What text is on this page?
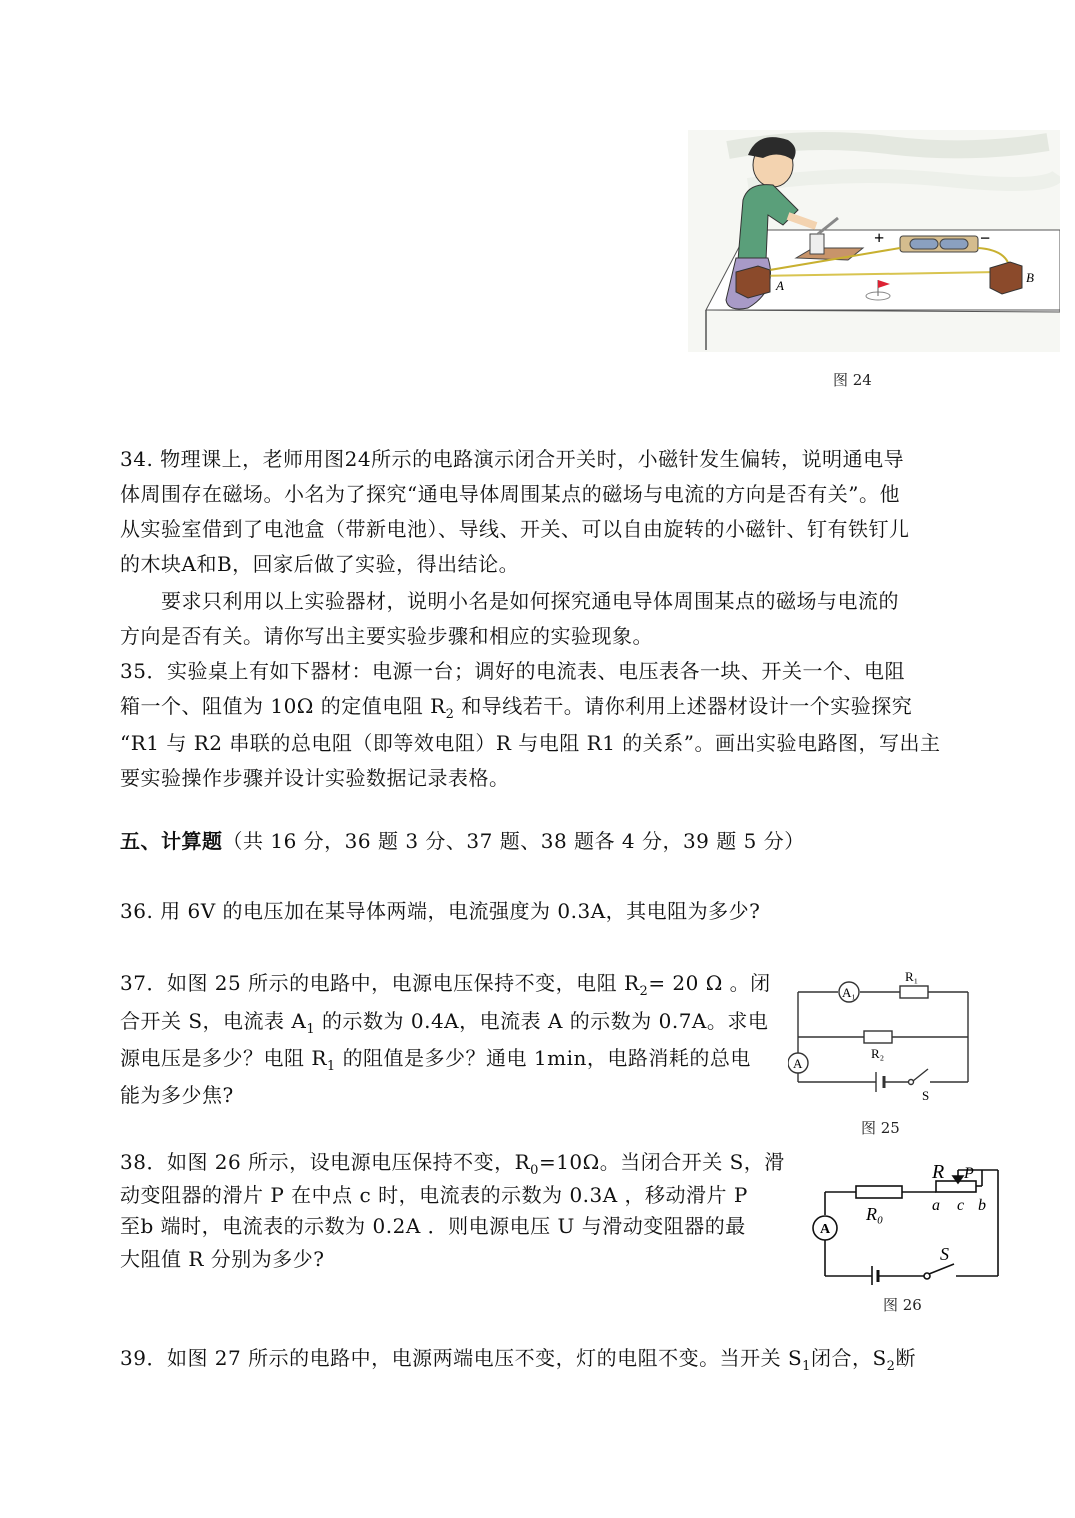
+	−
A
B
图 24
34. 物理课上，老师用图24所示的电路演示闭合开关时，小磁针发生偏转，说明通电导
体周围存在磁场。小名为了探究“通电导体周围某点的磁场与电流的方向是否有关”。他
从实验室借到了电池盒（带新电池）、导线、开关、可以自由旋转的小磁针、钉有铁钉儿
的木块A和B，回家后做了实验，得出结论。
要求只利用以上实验器材，说明小名是如何探究通电导体周围某点的磁场与电流的
方向是否有关。请你写出主要实验步骤和相应的实验现象。
35．实验桌上有如下器材：电源一台；调好的电流表、电压表各一块、开关一个、电阻
箱一个、阻值为 10Ω 的定值电阻 $R_2$ 和导线若干。请你利用上述器材设计一个实验探究
“R1 与 R2 串联的总电阻（即等效电阻）R 与电阻 R1 的关系”。画出实验电路图，写出主
要实验操作步骤并设计实验数据记录表格。
五、计算题（共 16 分，36 题 3 分、37 题、38 题各 4 分，39 题 5 分）
36. 用 6V 的电压加在某导体两端，电流强度为 0.3A，其电阻为多少?
37．如图 25 所示的电路中，电源电压保持不变，电阻 $R_2= 20$ Ω 。闭
合开关 S，电流表 $A_1$ 的示数为 0.4A，电流表 A 的示数为 0.7A。求电
源电压是多少？电阻 $R_1$ 的阻值是多少？通电 1min，电路消耗的总电
能为多少焦?
A₁
A
R₁
R₂
S
图 25
38．如图 26 所示，设电源电压保持不变，$R_0=10\Omega$。当闭合开关 S，滑
动变阻器的滑片 P 在中点 c 时，电流表的示数为 0.3A ，移动滑片 P
至b 端时，电流表的示数为 0.2A ．则电源电压 U 与滑动变阻器的最
大阻值 R 分别为多少?
A
R P
R₀	a c b
S
图 26
39．如图 27 所示的电路中，电源两端电压不变，灯的电阻不变。当开关 $S_1$闭合，$S_2$断
